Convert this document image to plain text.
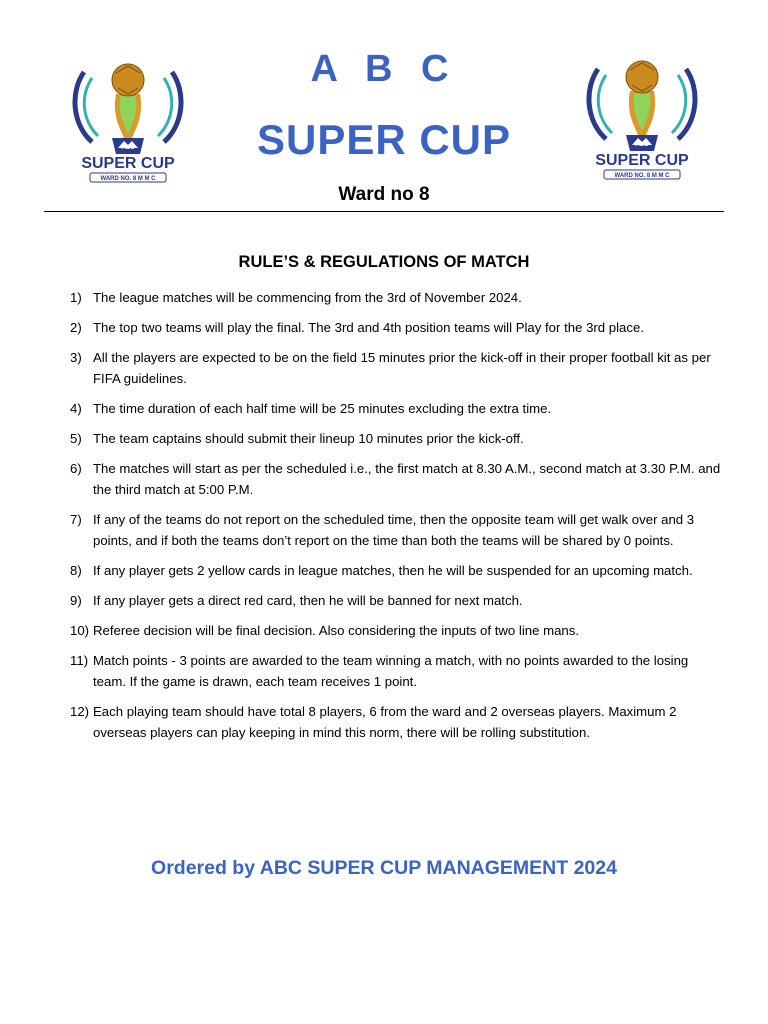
ABC
SUPER CUP
WARD NO. 8 M M C
ABC
SUPER CUP
WARD NO. 8 M M C
A B C
SUPER CUP
Ward no 8
RULE’S & REGULATIONS OF MATCH
1) The league matches will be commencing from the 3rd of November 2024.
2) The top two teams will play the final. The 3rd and 4th position teams will Play for the 3rd place.
3) All the players are expected to be on the field 15 minutes prior the kick-off in their proper football kit as per FIFA guidelines.
4) The time duration of each half time will be 25 minutes excluding the extra time.
5) The team captains should submit their lineup 10 minutes prior the kick-off.
6) The matches will start as per the scheduled i.e., the first match at 8.30 A.M., second match at 3.30 P.M. and the third match at 5:00 P.M.
7) If any of the teams do not report on the scheduled time, then the opposite team will get walk over and 3 points, and if both the teams don’t report on the time than both the teams will be shared by 0 points.
8) If any player gets 2 yellow cards in league matches, then he will be suspended for an upcoming match.
9) If any player gets a direct red card, then he will be banned for next match.
10) Referee decision will be final decision. Also considering the inputs of two line mans.
11) Match points - 3 points are awarded to the team winning a match, with no points awarded to the losing team. If the game is drawn, each team receives 1 point.
12) Each playing team should have total 8 players, 6 from the ward and 2 overseas players. Maximum 2 overseas players can play keeping in mind this norm, there will be rolling substitution.
Ordered by ABC SUPER CUP MANAGEMENT 2024
